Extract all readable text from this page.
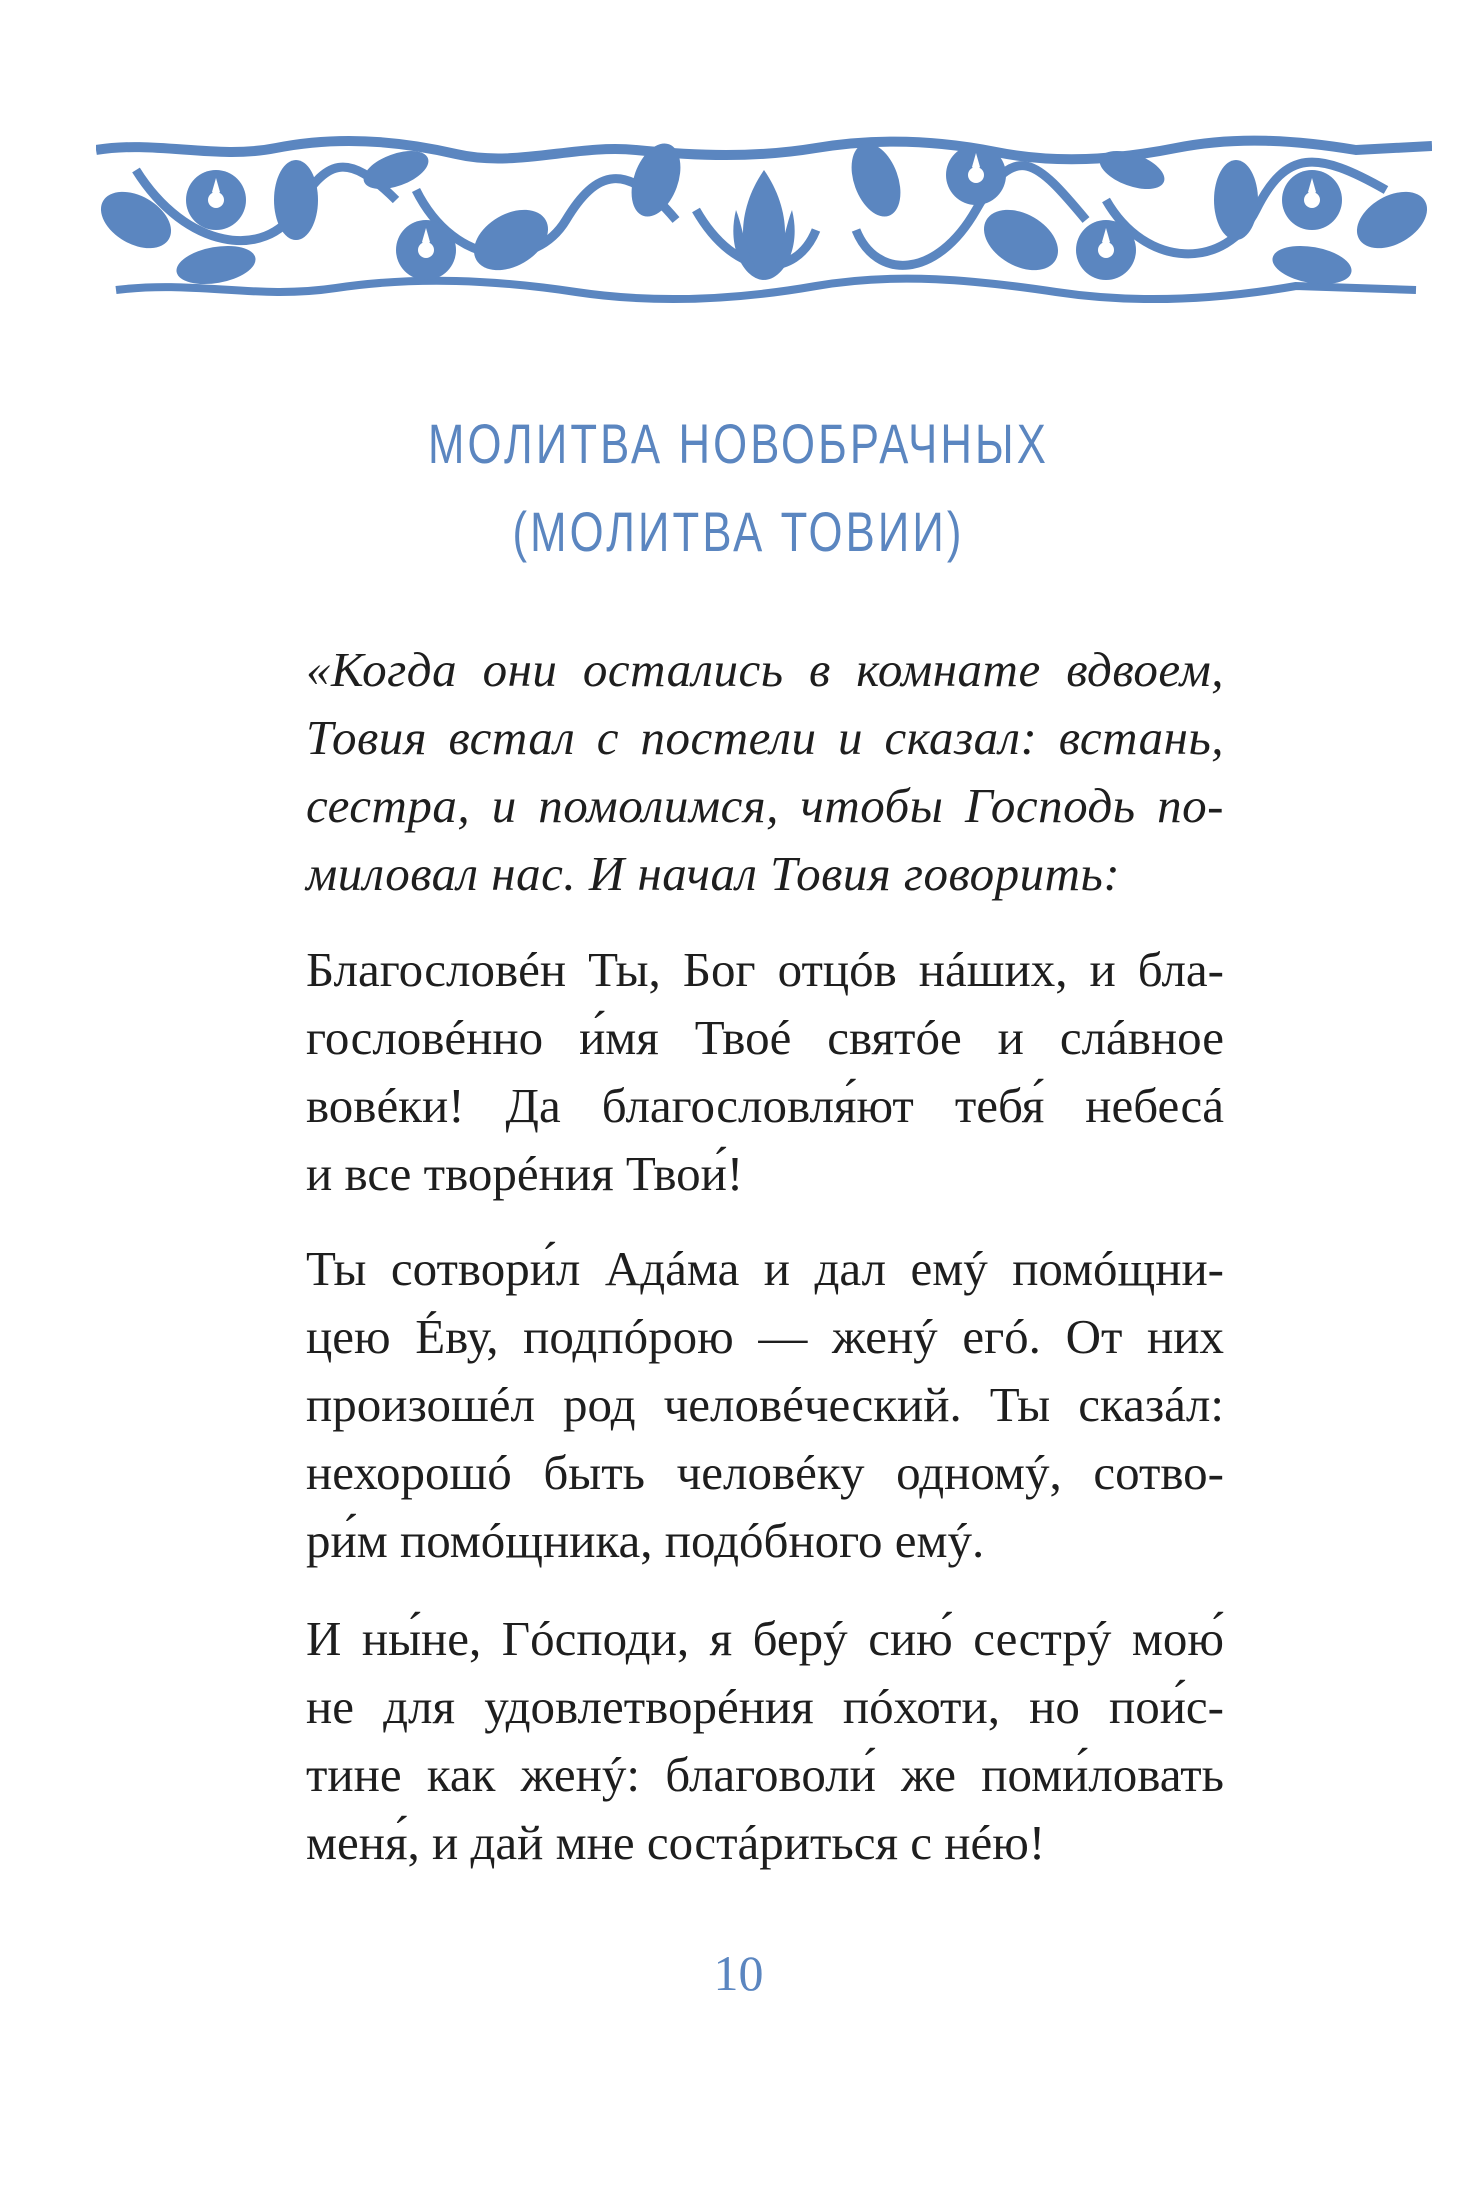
МОЛИТВА НОВОБРАЧНЫХ
(МОЛИТВА ТОВИИ)
«Когда они остались в комнате вдвоем,
Товия встал с постели и сказал: встань,
сестра, и помолимся, чтобы Господь по-
миловал нас. И начал Товия говорить:
Благословéн Ты, Бог отцóв нáших, и бла-
гословéнно и́мя Твоé святóе и слáвное
вовéки! Да благословля́ют тебя́ небесá
и все творéния Твои́!
Ты сотвори́л Адáма и дал емý помóщни-
цею Éву, подпóрою — женý егó. От них
произошéл род человéческий. Ты сказáл:
нехорошó быть человéку одномý, сотво-
ри́м помóщника, подóбного емý.
И ны́не, Гóсподи, я берý сию́ сестрý мою́
не для удовлетворéния пóхоти, но пои́с-
тине как женý: благоволи́ же поми́ловать
меня́, и дай мне состáриться с нéю!
10
